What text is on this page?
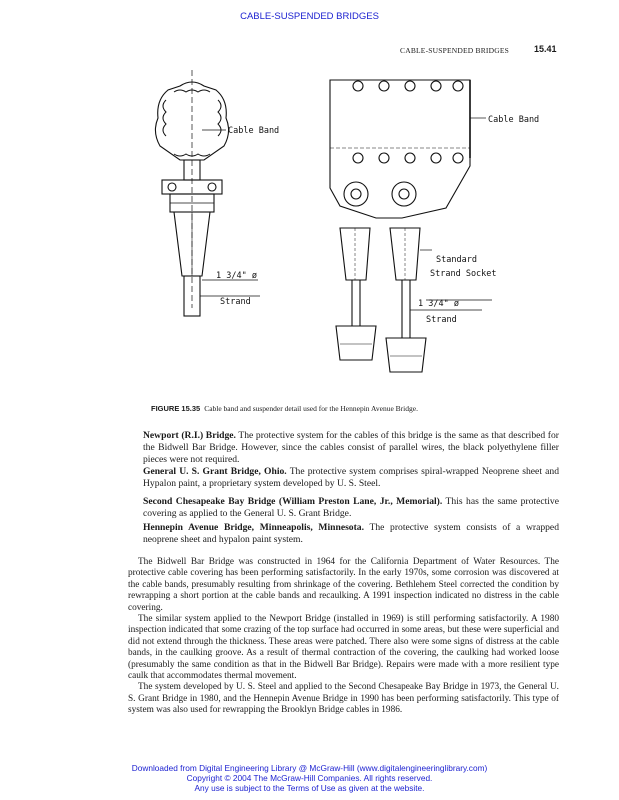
CABLE-SUSPENDED BRIDGES
CABLE-SUSPENDED BRIDGES	15.41
Cable Band
1 3/4" ø
Strand
Cable Band
Standard
Strand Socket
1 3/4" ø
Strand
FIGURE 15.35 Cable band and suspender detail used for the Hennepin Avenue Bridge.
Newport (R.I.) Bridge. The protective system for the cables of this bridge is the same as that described for the Bidwell Bar Bridge. However, since the cables consist of parallel wires, the black polyethylene filler pieces were not required.
General U. S. Grant Bridge, Ohio. The protective system comprises spiral-wrapped Neoprene sheet and Hypalon paint, a proprietary system developed by U. S. Steel.
Second Chesapeake Bay Bridge (William Preston Lane, Jr., Memorial). This has the same protective covering as applied to the General U. S. Grant Bridge.
Hennepin Avenue Bridge, Minneapolis, Minnesota. The protective system consists of a wrapped neoprene sheet and hypalon paint system.

The Bidwell Bar Bridge was constructed in 1964 for the California Department of Water Resources. The protective cable covering has been performing satisfactorily. In the early 1970s, some corrosion was discovered at the cable bands, presumably resulting from shrinkage of the covering. Bethlehem Steel corrected the condition by rewrapping a short portion at the cable bands and recaulking. A 1991 inspection indicated no distress in the cable covering.

The similar system applied to the Newport Bridge (installed in 1969) is still performing satisfactorily. A 1980 inspection indicated that some crazing of the top surface had occurred in some areas, but these were superficial and did not extend through the thickness. These areas were patched. There also were some signs of distress at the cable bands, in the caulking groove. As a result of thermal contraction of the covering, the caulking had worked loose (presumably the same condition as that in the Bidwell Bar Bridge). Repairs were made with a more resilient type caulk that accommodates thermal movement.

The system developed by U. S. Steel and applied to the Second Chesapeake Bay Bridge in 1973, the General U. S. Grant Bridge in 1980, and the Hennepin Avenue Bridge in 1990 has been performing satisfactorily. This type of system was also used for rewrapping the Brooklyn Bridge cables in 1986.

Downloaded from Digital Engineering Library @ McGraw-Hill (www.digitalengineeringlibrary.com)
Copyright © 2004 The McGraw-Hill Companies. All rights reserved.
Any use is subject to the Terms of Use as given at the website.
